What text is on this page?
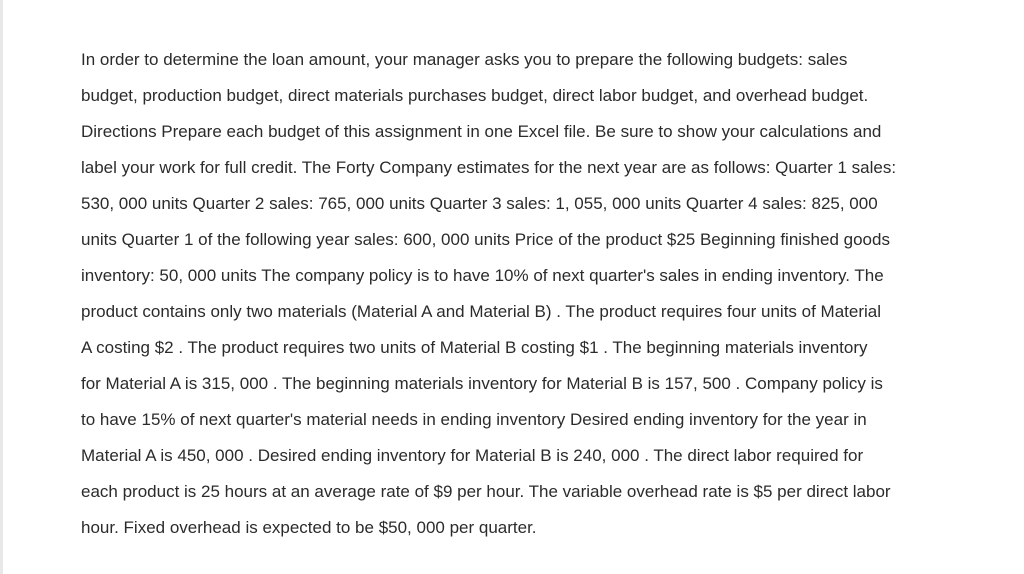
In order to determine the loan amount, your manager asks you to prepare the following budgets: sales
budget, production budget, direct materials purchases budget, direct labor budget, and overhead budget.
Directions Prepare each budget of this assignment in one Excel file. Be sure to show your calculations and
label your work for full credit. The Forty Company estimates for the next year are as follows: Quarter 1 sales:
530, 000 units Quarter 2 sales: 765, 000 units Quarter 3 sales: 1, 055, 000 units Quarter 4 sales: 825, 000
units Quarter 1 of the following year sales: 600, 000 units Price of the product $25 Beginning finished goods
inventory: 50, 000 units The company policy is to have 10% of next quarter's sales in ending inventory. The
product contains only two materials (Material A and Material B) . The product requires four units of Material
A costing $2 . The product requires two units of Material B costing $1 . The beginning materials inventory
for Material A is 315, 000 . The beginning materials inventory for Material B is 157, 500 . Company policy is
to have 15% of next quarter's material needs in ending inventory Desired ending inventory for the year in
Material A is 450, 000 . Desired ending inventory for Material B is 240, 000 . The direct labor required for
each product is 25 hours at an average rate of $9 per hour. The variable overhead rate is $5 per direct labor
hour. Fixed overhead is expected to be $50, 000 per quarter.
